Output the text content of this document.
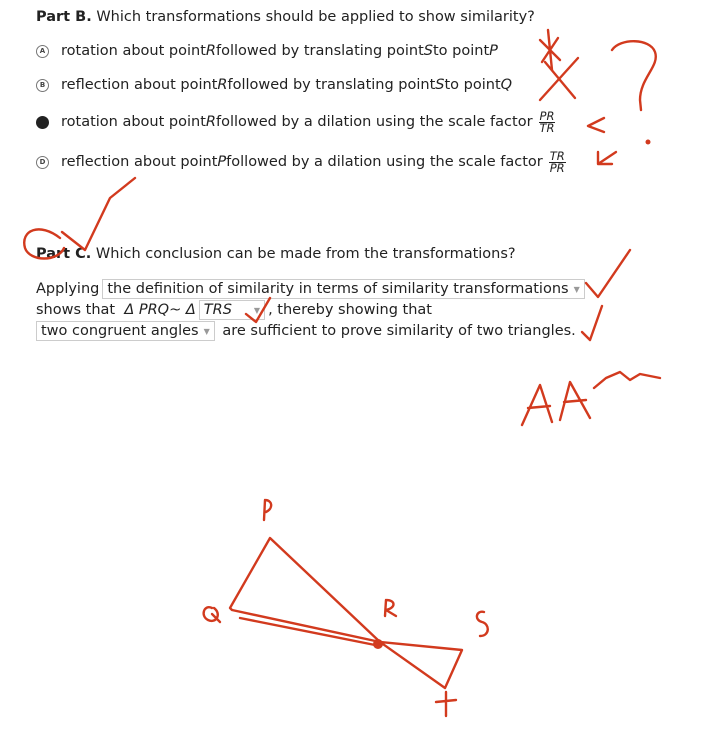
Part B. Which transformations should be applied to show similarity?
A rotation about point R followed by translating point S to point P
B reflection about point R followed by translating point S to point Q
C rotation about point R followed by a dilation using the scale factor $\frac{PR}{TR}$
D reflection about point P followed by a dilation using the scale factor $\frac{TR}{PR}$
Part C. Which conclusion can be made from the transformations?
Applying the definition of similarity in terms of similarity transformations ▼
shows that
Δ PRQ~ Δ TRS	▼ , thereby showing that
two congruent angles ▼
are sufficient to prove similarity of two triangles.
